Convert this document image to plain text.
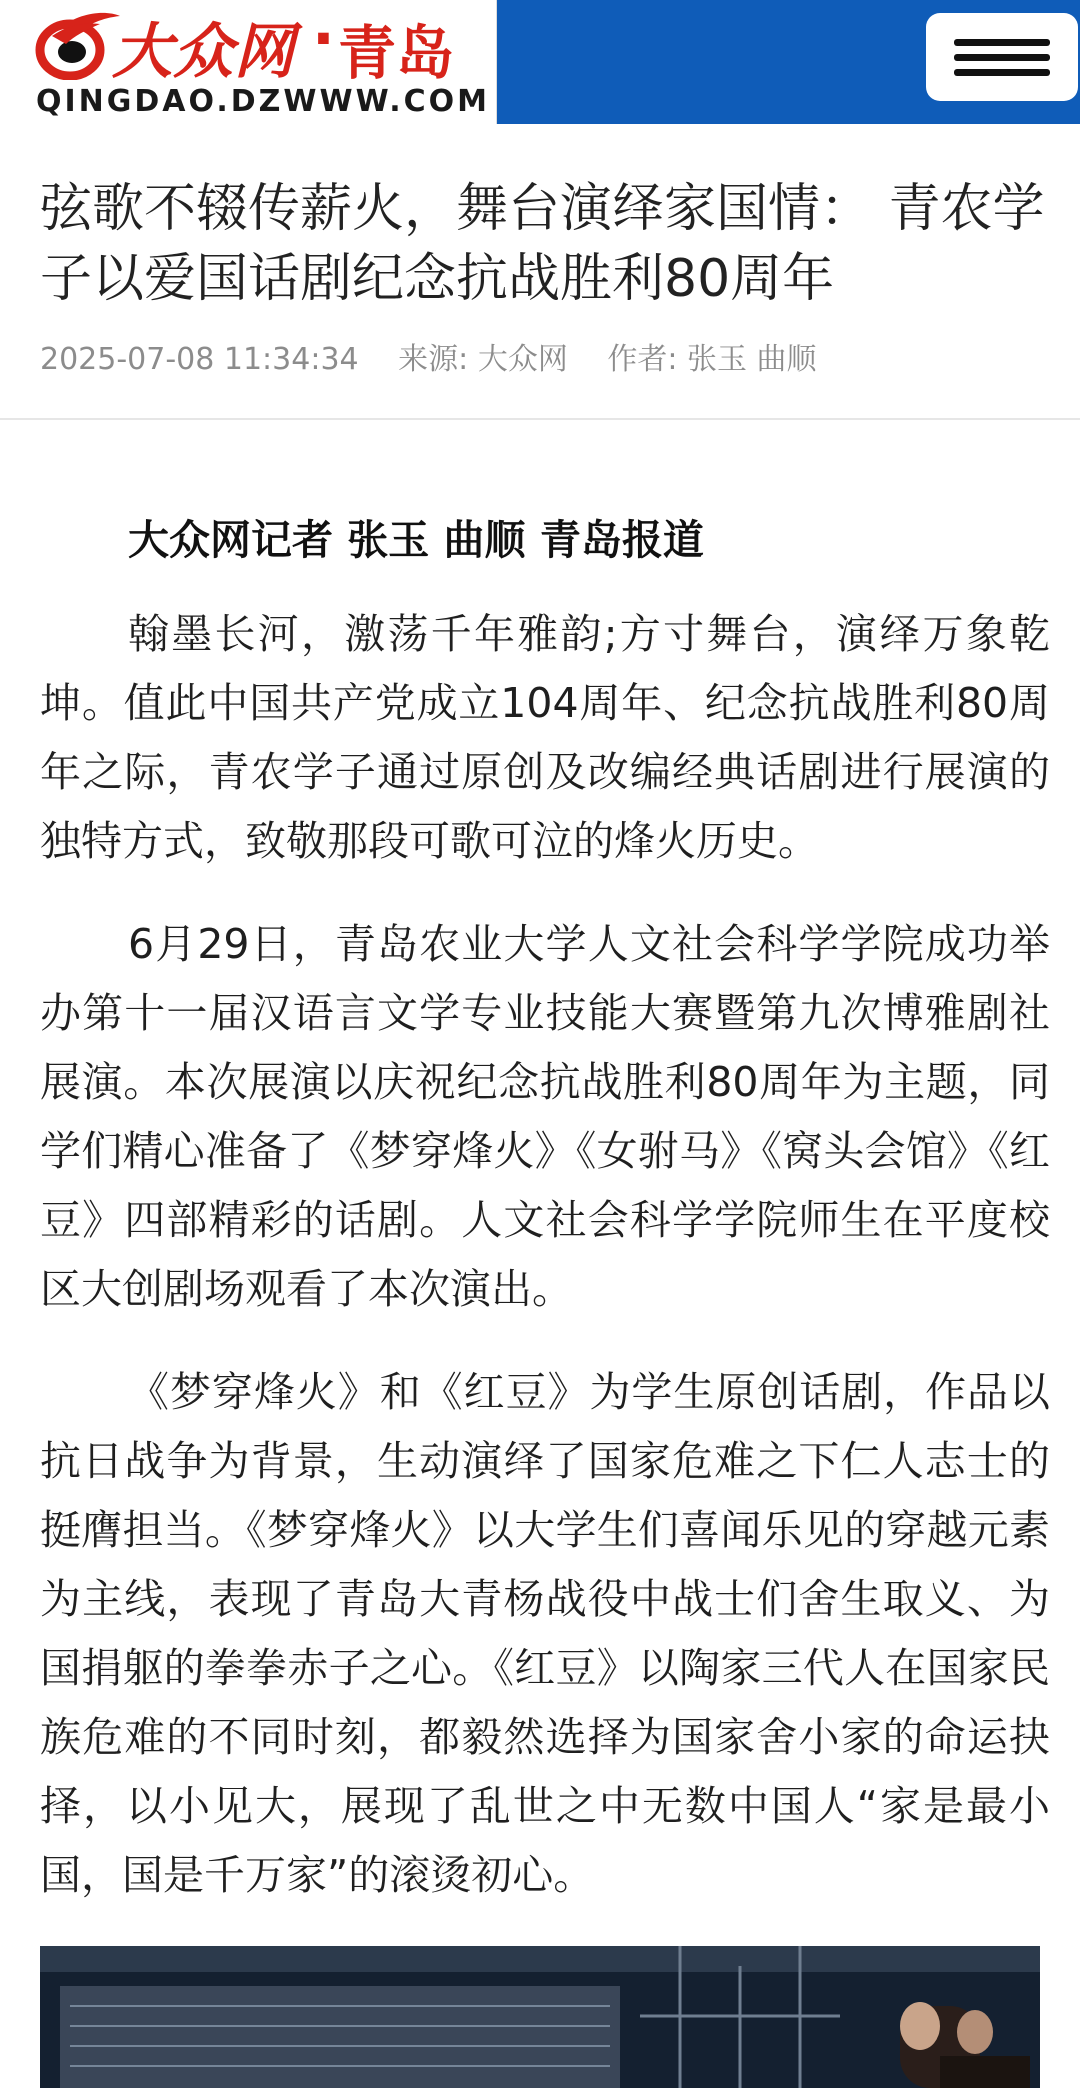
大众网 · 青岛
QINGDAO.DZWWW.COM
弦歌不辍传薪火，舞台演绎家国情： 青农学子以爱国话剧纪念抗战胜利80周年
2025-07-08 11:34:34 来源: 大众网 作者: 张玉 曲顺

大众网记者 张玉 曲顺 青岛报道

翰墨长河，激荡千年雅韵;方寸舞台，演绎万象乾坤。值此中国共产党成立104周年、纪念抗战胜利80周年之际，青农学子通过原创及改编经典话剧进行展演的独特方式，致敬那段可歌可泣的烽火历史。

6月29日，青岛农业大学人文社会科学学院成功举办第十一届汉语言文学专业技能大赛暨第九次博雅剧社展演。本次展演以庆祝纪念抗战胜利80周年为主题，同学们精心准备了《梦穿烽火》《女驸马》《窝头会馆》《红豆》四部精彩的话剧。人文社会科学学院师生在平度校区大创剧场观看了本次演出。

《梦穿烽火》和《红豆》为学生原创话剧，作品以抗日战争为背景，生动演绎了国家危难之下仁人志士的挺膺担当。《梦穿烽火》以大学生们喜闻乐见的穿越元素为主线，表现了青岛大青杨战役中战士们舍生取义、为国捐躯的拳拳赤子之心。《红豆》以陶家三代人在国家民族危难的不同时刻，都毅然选择为国家舍小家的命运抉择，以小见大，展现了乱世之中无数中国人“家是最小国，国是千万家”的滚烫初心。
